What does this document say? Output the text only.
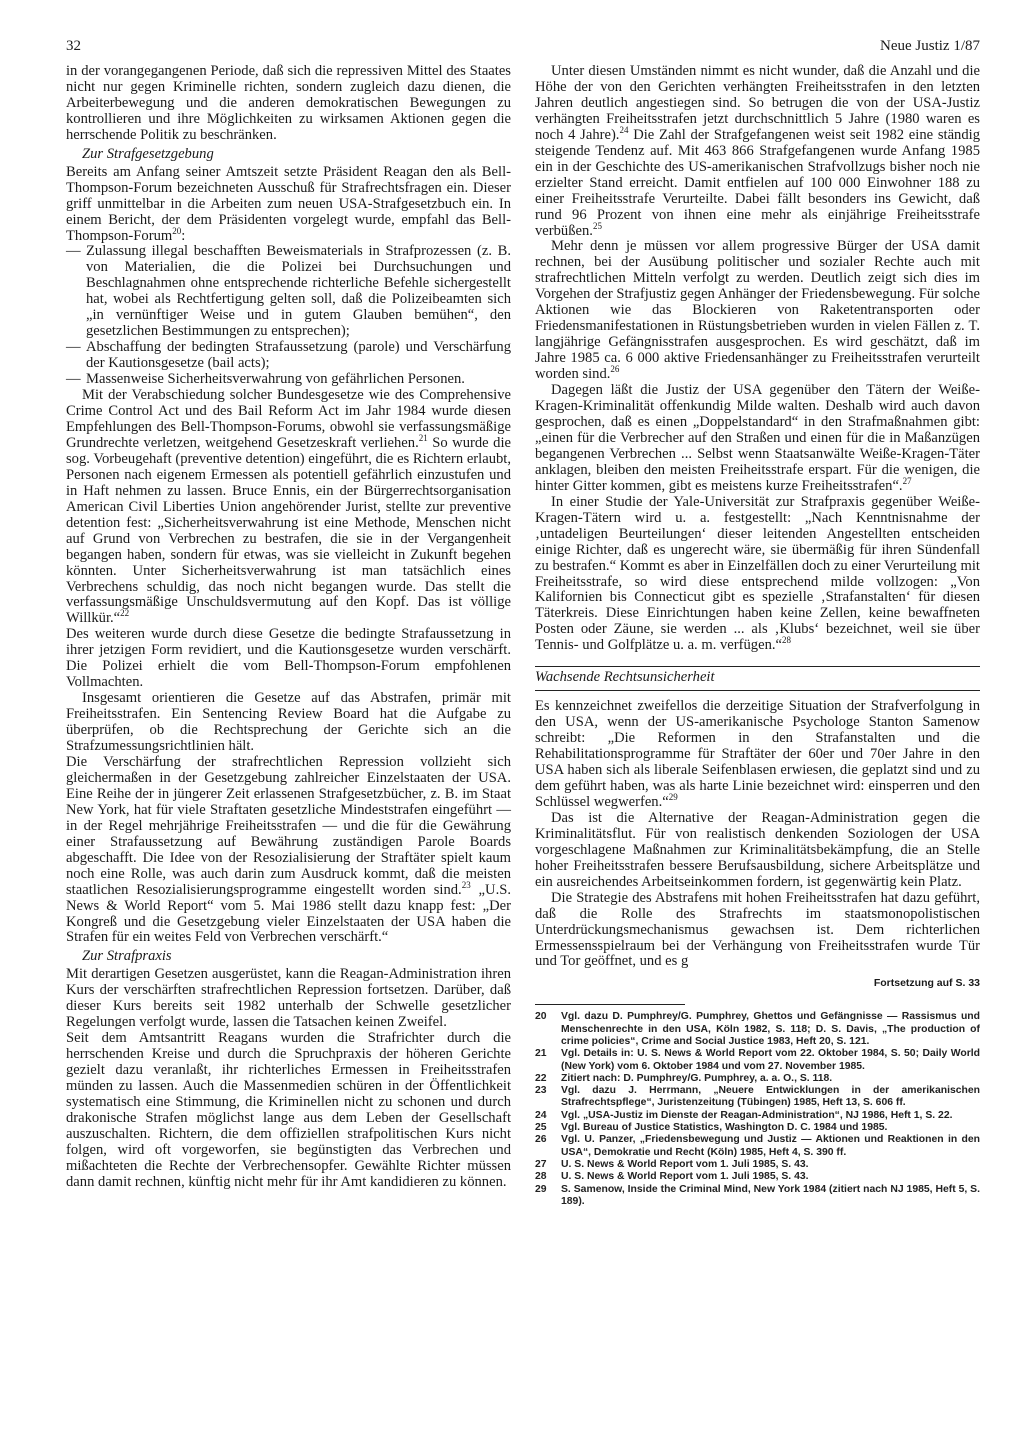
32	Neue Justiz 1/87

in der vorangegangenen Periode, daß sich die repressiven Mittel des Staates nicht nur gegen Kriminelle richten, sondern zugleich dazu dienen, die Arbeiterbewegung und die anderen demokratischen Bewegungen zu kontrollieren und ihre Möglichkeiten zu wirksamen Aktionen gegen die herrschende Politik zu beschränken.

Zur Strafgesetzgebung

Bereits am Anfang seiner Amtszeit setzte Präsident Reagan den als Bell-Thompson-Forum bezeichneten Ausschuß für Strafrechtsfragen ein. Dieser griff unmittelbar in die Arbeiten zum neuen USA-Strafgesetzbuch ein. In einem Bericht, der dem Präsidenten vorgelegt wurde, empfahl das Bell-Thompson-Forum$^{20}$:

— Zulassung illegal beschafften Beweismaterials in Strafprozessen (z. B. von Materialien, die die Polizei bei Durchsuchungen und Beschlagnahmen ohne entsprechende richterliche Befehle sichergestellt hat, wobei als Rechtfertigung gelten soll, daß die Polizeibeamten sich „in vernünftiger Weise und in gutem Glauben bemühen“, den gesetzlichen Bestimmungen zu entsprechen);
— Abschaffung der bedingten Strafaussetzung (parole) und Verschärfung der Kautionsgesetze (bail acts);
— Massenweise Sicherheitsverwahrung von gefährlichen Personen.

Mit der Verabschiedung solcher Bundesgesetze wie des Comprehensive Crime Control Act und des Bail Reform Act im Jahr 1984 wurde diesen Empfehlungen des Bell-Thompson-Forums, obwohl sie verfassungsmäßige Grundrechte verletzen, weitgehend Gesetzeskraft verliehen.$^{21}$ So wurde die sog. Vorbeugehaft (preventive detention) eingeführt, die es Richtern erlaubt, Personen nach eigenem Ermessen als potentiell gefährlich einzustufen und in Haft nehmen zu lassen. Bruce Ennis, ein der Bürgerrechtsorganisation American Civil Liberties Union angehörender Jurist, stellte zur preventive detention fest: „Sicherheitsverwahrung ist eine Methode, Menschen nicht auf Grund von Verbrechen zu bestrafen, die sie in der Vergangenheit begangen haben, sondern für etwas, was sie vielleicht in Zukunft begehen könnten. Unter Sicherheitsverwahrung ist man tatsächlich eines Verbrechens schuldig, das noch nicht begangen wurde. Das stellt die verfassungsmäßige Unschuldsvermutung auf den Kopf. Das ist völlige Willkür.“$^{22}$

Des weiteren wurde durch diese Gesetze die bedingte Strafaussetzung in ihrer jetzigen Form revidiert, und die Kautionsgesetze wurden verschärft. Die Polizei erhielt die vom Bell-Thompson-Forum empfohlenen Vollmachten.

Insgesamt orientieren die Gesetze auf das Abstrafen, primär mit Freiheitsstrafen. Ein Sentencing Review Board hat die Aufgabe zu überprüfen, ob die Rechtsprechung der Gerichte sich an die Strafzumessungsrichtlinien hält.

Die Verschärfung der strafrechtlichen Repression vollzieht sich gleichermaßen in der Gesetzgebung zahlreicher Einzelstaaten der USA. Eine Reihe der in jüngerer Zeit erlassenen Strafgesetzbücher, z. B. im Staat New York, hat für viele Straftaten gesetzliche Mindeststrafen eingeführt — in der Regel mehrjährige Freiheitsstrafen — und die für die Gewährung einer Strafaussetzung auf Bewährung zuständigen Parole Boards abgeschafft. Die Idee von der Resozialisierung der Straftäter spielt kaum noch eine Rolle, was auch darin zum Ausdruck kommt, daß die meisten staatlichen Resozialisierungsprogramme eingestellt worden sind.$^{23}$ „U.S. News & World Report“ vom 5. Mai 1986 stellt dazu knapp fest: „Der Kongreß und die Gesetzgebung vieler Einzelstaaten der USA haben die Strafen für ein weites Feld von Verbrechen verschärft.“

Zur Strafpraxis

Mit derartigen Gesetzen ausgerüstet, kann die Reagan-Administration ihren Kurs der verschärften strafrechtlichen Repression fortsetzen. Darüber, daß dieser Kurs bereits seit 1982 unterhalb der Schwelle gesetzlicher Regelungen verfolgt wurde, lassen die Tatsachen keinen Zweifel.

Seit dem Amtsantritt Reagans wurden die Strafrichter durch die herrschenden Kreise und durch die Spruchpraxis der höheren Gerichte gezielt dazu veranlaßt, ihr richterliches Ermessen in Freiheitsstrafen münden zu lassen. Auch die Massenmedien schüren in der Öffentlichkeit systematisch eine Stimmung, die Kriminellen nicht zu schonen und durch drakonische Strafen möglichst lange aus dem Leben der Gesellschaft auszuschalten. Richtern, die dem offiziellen strafpolitischen Kurs nicht folgen, wird oft vorgeworfen, sie begünstigten das Verbrechen und mißachteten die Rechte der Verbrechensopfer. Gewählte Richter müssen dann damit rechnen, künftig nicht mehr für ihr Amt kandidieren zu können.

Unter diesen Umständen nimmt es nicht wunder, daß die Anzahl und die Höhe der von den Gerichten verhängten Freiheitsstrafen in den letzten Jahren deutlich angestiegen sind. So betrugen die von der USA-Justiz verhängten Freiheitsstrafen jetzt durchschnittlich 5 Jahre (1980 waren es noch 4 Jahre).$^{24}$ Die Zahl der Strafgefangenen weist seit 1982 eine ständig steigende Tendenz auf. Mit 463 866 Strafgefangenen wurde Anfang 1985 ein in der Geschichte des US-amerikanischen Strafvollzugs bisher noch nie erzielter Stand erreicht. Damit entfielen auf 100 000 Einwohner 188 zu einer Freiheitsstrafe Verurteilte. Dabei fällt besonders ins Gewicht, daß rund 96 Prozent von ihnen eine mehr als einjährige Freiheitsstrafe verbüßen.$^{25}$

Mehr denn je müssen vor allem progressive Bürger der USA damit rechnen, bei der Ausübung politischer und sozialer Rechte auch mit strafrechtlichen Mitteln verfolgt zu werden. Deutlich zeigt sich dies im Vorgehen der Strafjustiz gegen Anhänger der Friedensbewegung. Für solche Aktionen wie das Blockieren von Raketentransporten oder Friedensmanifestationen in Rüstungsbetrieben wurden in vielen Fällen z. T. langjährige Gefängnisstrafen ausgesprochen. Es wird geschätzt, daß im Jahre 1985 ca. 6 000 aktive Friedensanhänger zu Freiheitsstrafen verurteilt worden sind.$^{26}$

Dagegen läßt die Justiz der USA gegenüber den Tätern der Weiße-Kragen-Kriminalität offenkundig Milde walten. Deshalb wird auch davon gesprochen, daß es einen „Doppelstandard“ in den Strafmaßnahmen gibt: „einen für die Verbrecher auf den Straßen und einen für die in Maßanzügen begangenen Verbrechen ... Selbst wenn Staatsanwälte Weiße-Kragen-Täter anklagen, bleiben den meisten Freiheitsstrafe erspart. Für die wenigen, die hinter Gitter kommen, gibt es meistens kurze Freiheitsstrafen“.$^{27}$

In einer Studie der Yale-Universität zur Strafpraxis gegenüber Weiße-Kragen-Tätern wird u. a. festgestellt: „Nach Kenntnisnahme der ‚untadeligen Beurteilungen‘ dieser leitenden Angestellten entscheiden einige Richter, daß es ungerecht wäre, sie übermäßig für ihren Sündenfall zu bestrafen.“ Kommt es aber in Einzelfällen doch zu einer Verurteilung mit Freiheitsstrafe, so wird diese entsprechend milde vollzogen: „Von Kalifornien bis Connecticut gibt es spezielle ‚Strafanstalten‘ für diesen Täterkreis. Diese Einrichtungen haben keine Zellen, keine bewaffneten Posten oder Zäune, sie werden ... als ‚Klubs‘ bezeichnet, weil sie über Tennis- und Golfplätze u. a. m. verfügen.“$^{28}$

Wachsende Rechtsunsicherheit

Es kennzeichnet zweifellos die derzeitige Situation der Strafverfolgung in den USA, wenn der US-amerikanische Psychologe Stanton Samenow schreibt: „Die Reformen in den Strafanstalten und die Rehabilitationsprogramme für Straftäter der 60er und 70er Jahre in den USA haben sich als liberale Seifenblasen erwiesen, die geplatzt sind und zu dem geführt haben, was als harte Linie bezeichnet wird: einsperren und den Schlüssel wegwerfen.“$^{29}$

Das ist die Alternative der Reagan-Administration gegen die Kriminalitätsflut. Für von realistisch denkenden Soziologen der USA vorgeschlagene Maßnahmen zur Kriminalitätsbekämpfung, die an Stelle hoher Freiheitsstrafen bessere Berufsausbildung, sichere Arbeitsplätze und ein ausreichendes Arbeitseinkommen fordern, ist gegenwärtig kein Platz.

Die Strategie des Abstrafens mit hohen Freiheitsstrafen hat dazu geführt, daß die Rolle des Strafrechts im staatsmonopolistischen Unterdrückungsmechanismus gewachsen ist. Dem richterlichen Ermessensspielraum bei der Verhängung von Freiheitsstrafen wurde Tür und Tor geöffnet, und es g

Fortsetzung auf S. 33
20	Vgl. dazu D. Pumphrey/G. Pumphrey, Ghettos und Gefängnisse — Rassismus und Menschenrechte in den USA, Köln 1982, S. 118; D. S. Davis, „The production of crime policies“, Crime and Social Justice 1983, Heft 20, S. 121.
21	Vgl. Details in: U. S. News & World Report vom 22. Oktober 1984, S. 50; Daily World (New York) vom 6. Oktober 1984 und vom 27. November 1985.
22	Zitiert nach: D. Pumphrey/G. Pumphrey, a. a. O., S. 118.
23	Vgl. dazu J. Herrmann, „Neuere Entwicklungen in der amerikanischen Strafrechtspflege“, Juristenzeitung (Tübingen) 1985, Heft 13, S. 606 ff.
24	Vgl. „USA-Justiz im Dienste der Reagan-Administration“, NJ 1986, Heft 1, S. 22.
25	Vgl. Bureau of Justice Statistics, Washington D. C. 1984 und 1985.
26	Vgl. U. Panzer, „Friedensbewegung und Justiz — Aktionen und Reaktionen in den USA“, Demokratie und Recht (Köln) 1985, Heft 4, S. 390 ff.
27	U. S. News & World Report vom 1. Juli 1985, S. 43.
28	U. S. News & World Report vom 1. Juli 1985, S. 43.
29	S. Samenow, Inside the Criminal Mind, New York 1984 (zitiert nach NJ 1985, Heft 5, S. 189).
